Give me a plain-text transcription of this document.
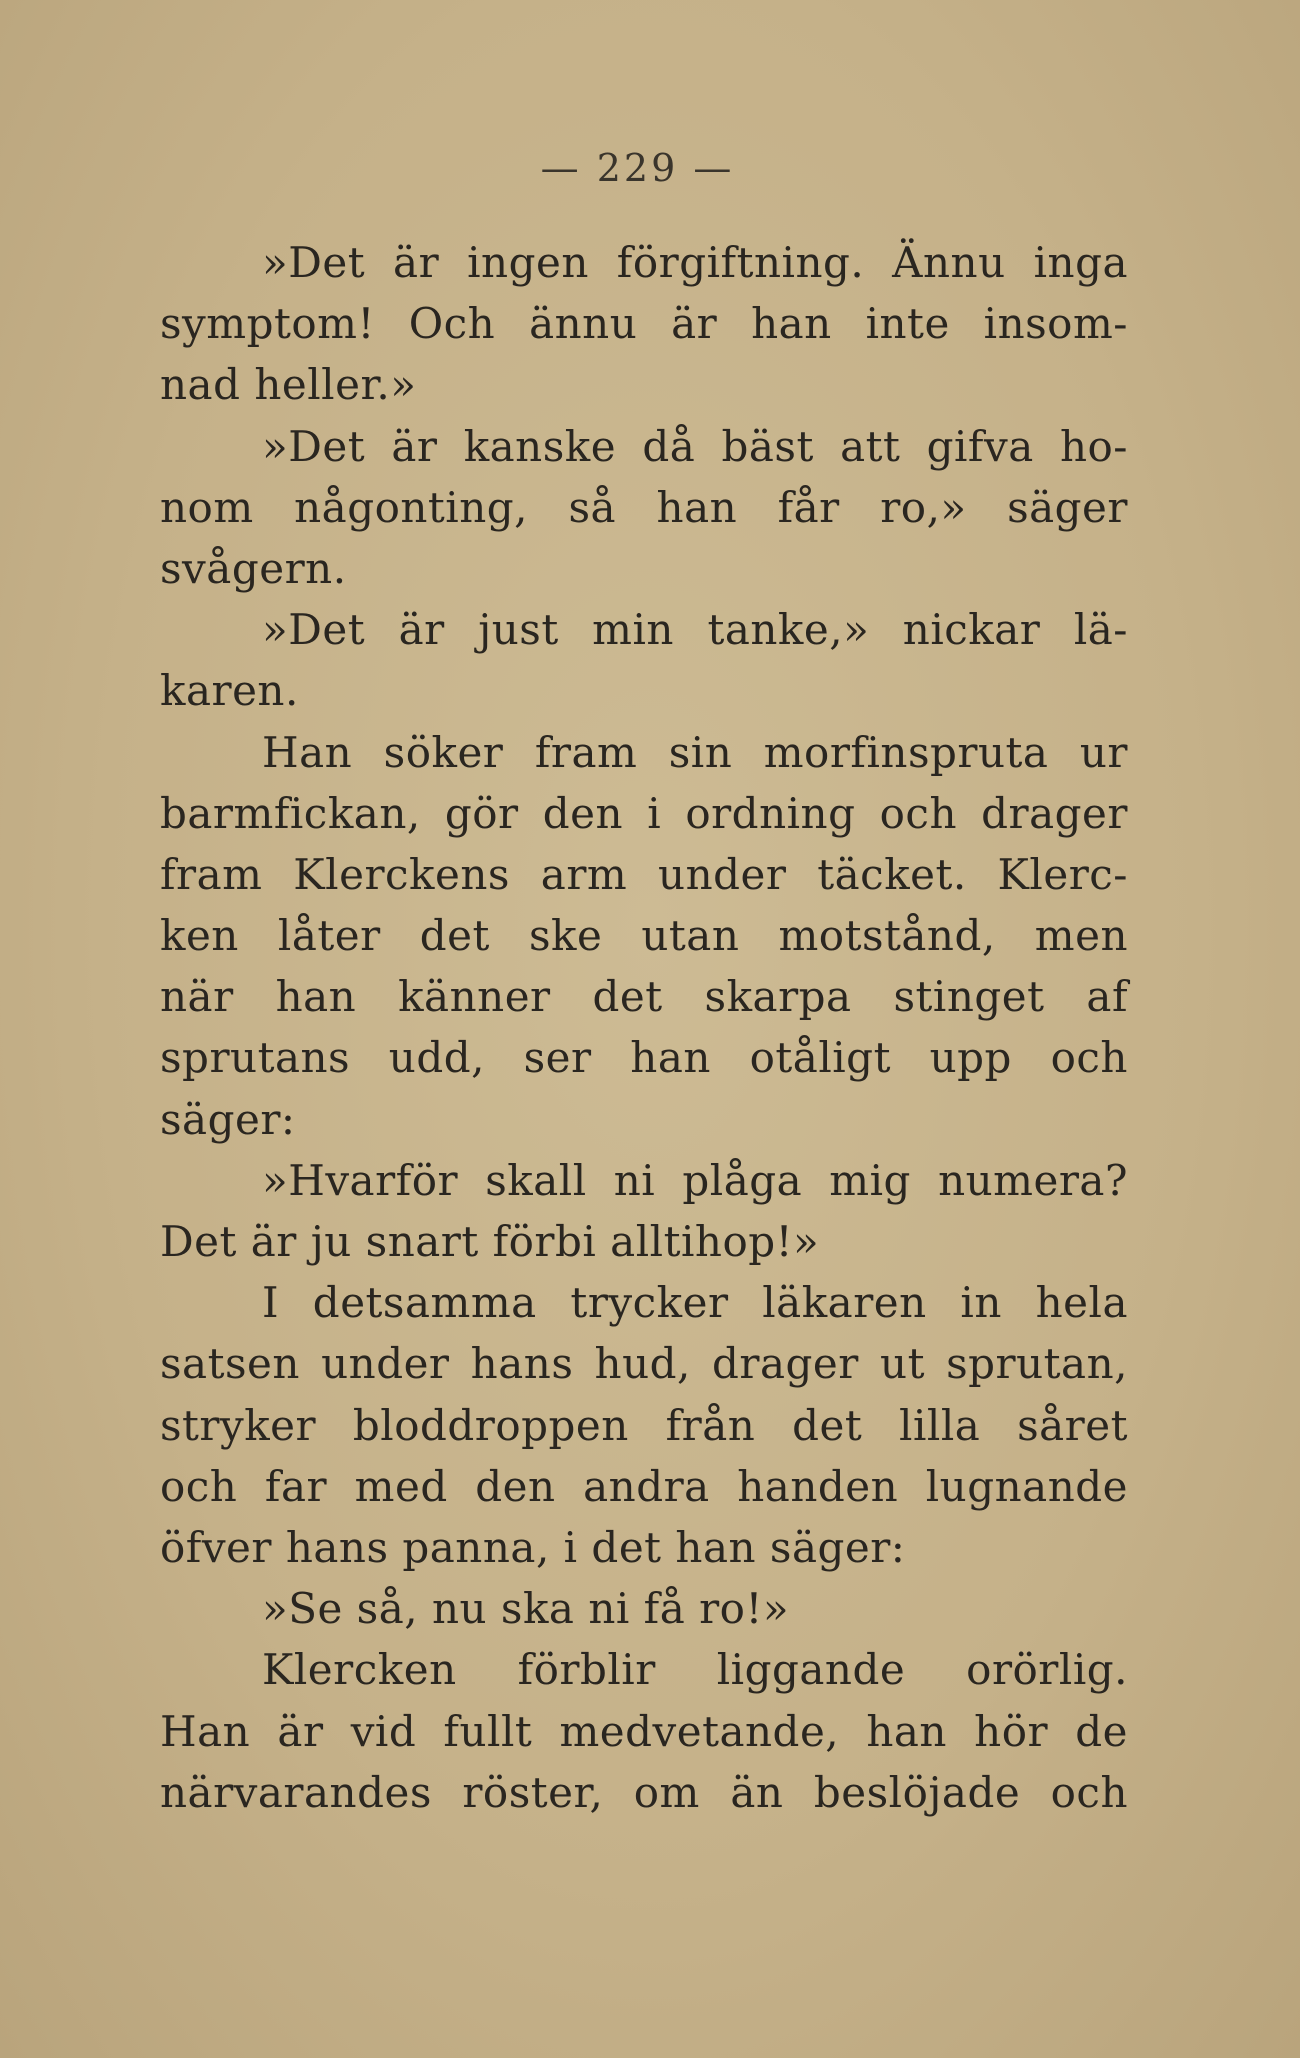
— 229 —
»Det är ingen förgiftning. Ännu inga
symptom! Och ännu är han inte insom-
nad heller.»
»Det är kanske då bäst att gifva ho-
nom någonting, så han får ro,» säger
svågern.
»Det är just min tanke,» nickar lä-
karen.
Han söker fram sin morfinspruta ur
barmfickan, gör den i ordning och drager
fram Klerckens arm under täcket. Klerc-
ken låter det ske utan motstånd, men
när han känner det skarpa stinget af
sprutans udd, ser han otåligt upp och
säger:
»Hvarför skall ni plåga mig numera?
Det är ju snart förbi alltihop!»
I detsamma trycker läkaren in hela
satsen under hans hud, drager ut sprutan,
stryker bloddroppen från det lilla såret
och far med den andra handen lugnande
öfver hans panna, i det han säger:
»Se så, nu ska ni få ro!»
Klercken förblir liggande orörlig.
Han är vid fullt medvetande, han hör de
närvarandes röster, om än beslöjade och
